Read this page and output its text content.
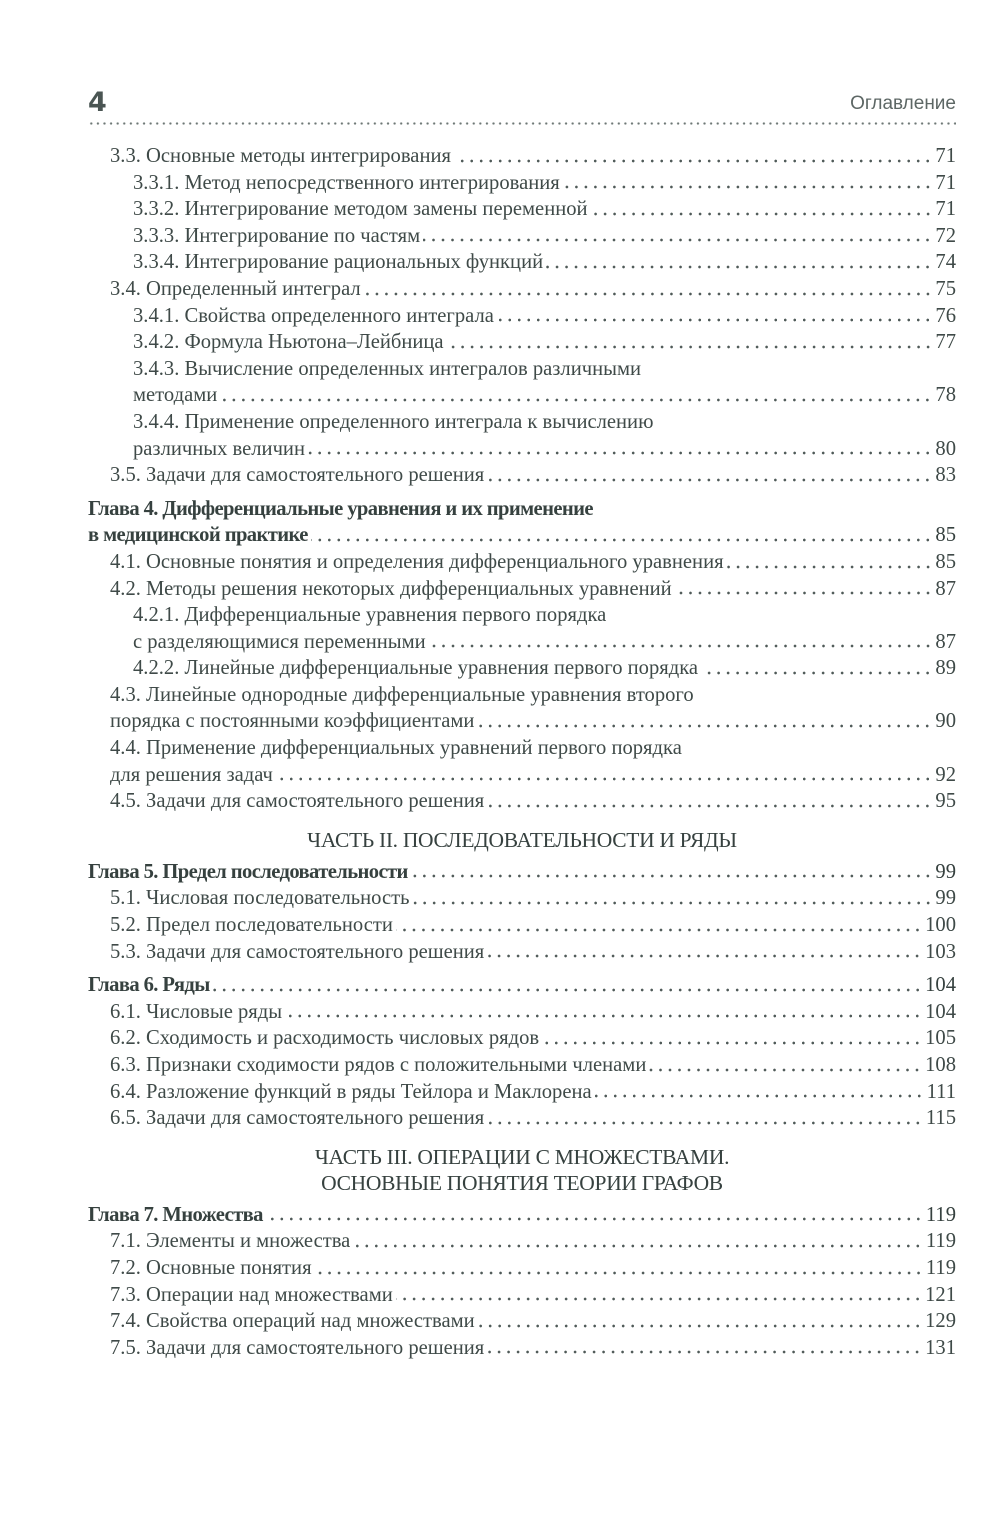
4	Оглавление
3.3. Основные методы интегрирования	71
3.3.1. Метод непосредственного интегрирования	71
3.3.2. Интегрирование методом замены переменной	71
3.3.3. Интегрирование по частям	72
3.3.4. Интегрирование рациональных функций	74
3.4. Определенный интеграл	75
3.4.1. Свойства определенного интеграла	76
3.4.2. Формула Ньютона–Лейбница	77
3.4.3. Вычисление определенных интегралов различными
методами	78
3.4.4. Применение определенного интеграла к вычислению
различных величин	80
3.5. Задачи для самостоятельного решения	83
Глава 4. Дифференциальные уравнения и их применение
в медицинской практике	85
4.1. Основные понятия и определения дифференциального уравнения	85
4.2. Методы решения некоторых дифференциальных уравнений	87
4.2.1. Дифференциальные уравнения первого порядка
с разделяющимися переменными	87
4.2.2. Линейные дифференциальные уравнения первого порядка	89
4.3. Линейные однородные дифференциальные уравнения второго
порядка с постоянными коэффициентами	90
4.4. Применение дифференциальных уравнений первого порядка
для решения задач	92
4.5. Задачи для самостоятельного решения	95
ЧАСТЬ II. ПОСЛЕДОВАТЕЛЬНОСТИ И РЯДЫ
Глава 5. Предел последовательности	99
5.1. Числовая последовательность	99
5.2. Предел последовательности	100
5.3. Задачи для самостоятельного решения	103
Глава 6. Ряды	104
6.1. Числовые ряды	104
6.2. Сходимость и расходимость числовых рядов	105
6.3. Признаки сходимости рядов с положительными членами	108
6.4. Разложение функций в ряды Тейлора и Маклорена	111
6.5. Задачи для самостоятельного решения	115
ЧАСТЬ III. ОПЕРАЦИИ С МНОЖЕСТВАМИ.
ОСНОВНЫЕ ПОНЯТИЯ ТЕОРИИ ГРАФОВ
Глава 7. Множества	119
7.1. Элементы и множества	119
7.2. Основные понятия	119
7.3. Операции над множествами	121
7.4. Свойства операций над множествами	129
7.5. Задачи для самостоятельного решения	131
